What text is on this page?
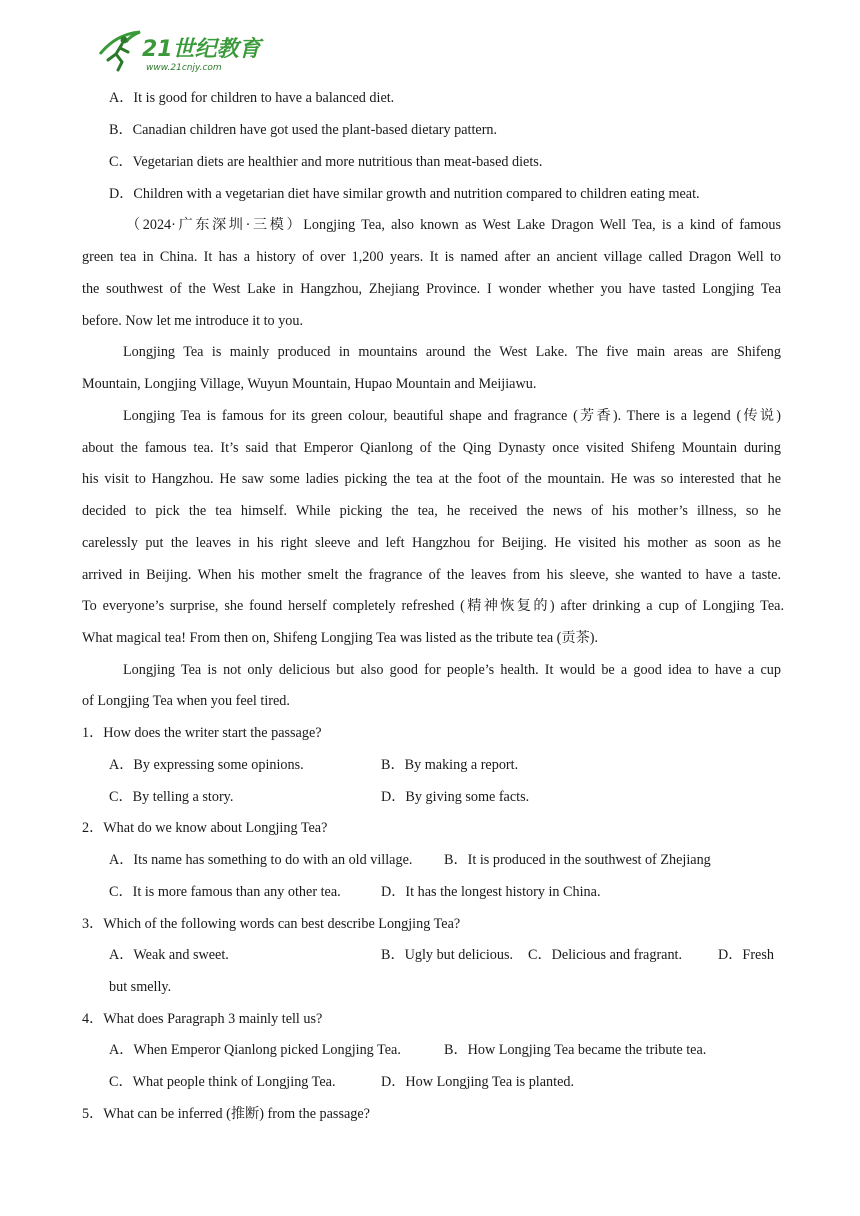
21世纪教育
www.21cnjy.com
A．It is good for children to have a balanced diet.
B．Canadian children have got used the plant-based dietary pattern.
C．Vegetarian diets are healthier and more nutritious than meat-based diets.
D．Children with a vegetarian diet have similar growth and nutrition compared to children eating meat.
（2024·广东深圳·三模）Longjing Tea, also known as West Lake Dragon Well Tea, is a kind of famous
green tea in China. It has a history of over 1,200 years. It is named after an ancient village called Dragon Well to
the southwest of the West Lake in Hangzhou, Zhejiang Province. I wonder whether you have tasted Longjing Tea
before. Now let me introduce it to you.
Longjing Tea is mainly produced in mountains around the West Lake. The five main areas are Shifeng
Mountain, Longjing Village, Wuyun Mountain, Hupao Mountain and Meijiawu.
Longjing Tea is famous for its green colour, beautiful shape and fragrance (芳香). There is a legend (传说)
about the famous tea. It’s said that Emperor Qianlong of the Qing Dynasty once visited Shifeng Mountain during
his visit to Hangzhou. He saw some ladies picking the tea at the foot of the mountain. He was so interested that he
decided to pick the tea himself. While picking the tea, he received the news of his mother’s illness, so he
carelessly put the leaves in his right sleeve and left Hangzhou for Beijing. He visited his mother as soon as he
arrived in Beijing. When his mother smelt the fragrance of the leaves from his sleeve, she wanted to have a taste.
To everyone’s surprise, she found herself completely refreshed (精神恢复的) after drinking a cup of Longjing Tea.
What magical tea! From then on, Shifeng Longjing Tea was listed as the tribute tea (贡茶).
Longjing Tea is not only delicious but also good for people’s health. It would be a good idea to have a cup
of Longjing Tea when you feel tired.
1．How does the writer start the passage?
A．By expressing some opinions.	B．By making a report.
C．By telling a story.	D．By giving some facts.
2．What do we know about Longjing Tea?
A．Its name has something to do with an old village. B．It is produced in the southwest of Zhejiang
C．It is more famous than any other tea.	D．It has the longest history in China.
3．Which of the following words can best describe Longjing Tea?
A．Weak and sweet.	B．Ugly but delicious. C．Delicious and fragrant.	D．Fresh
but smelly.
4．What does Paragraph 3 mainly tell us?
A．When Emperor Qianlong picked Longjing Tea.	B．How Longjing Tea became the tribute tea.
C．What people think of Longjing Tea.	D．How Longjing Tea is planted.
5．What can be inferred (推断) from the passage?
